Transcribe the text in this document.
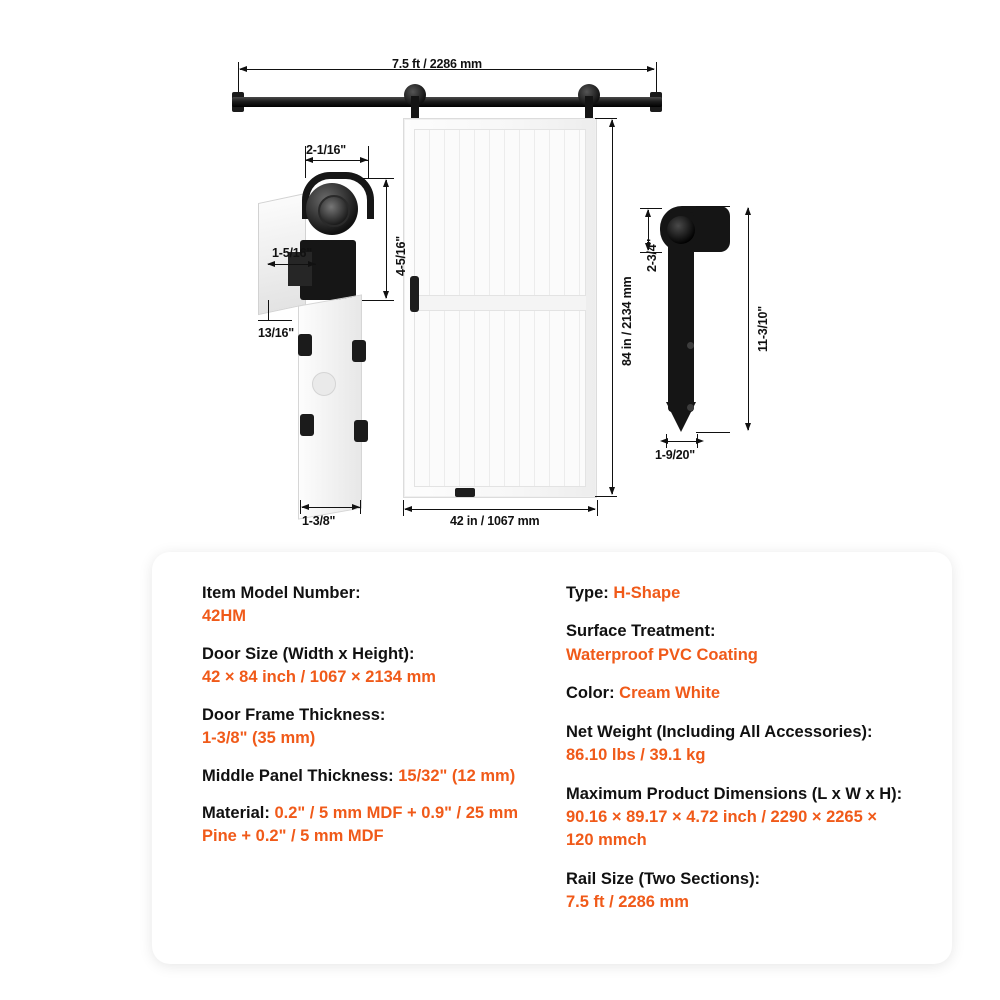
7.5 ft / 2286 mm
2-1/16"
4-5/16"
1-5/16"
13/16"
1-3/8"	42 in / 1067 mm
84 in / 2134 mm
2-3/4"
11-3/10"
1-9/20"
Item Model Number:
42HM
Door Size (Width x Height):
42 × 84 inch / 1067 × 2134 mm
Door Frame Thickness:
1-3/8" (35 mm)
Middle Panel Thickness: 15/32" (12 mm)
Material: 0.2" / 5 mm MDF + 0.9" / 25 mm Pine + 0.2" / 5 mm MDF
Type: H-Shape
Surface Treatment:
Waterproof PVC Coating
Color: Cream White
Net Weight (Including All Accessories):
86.10 lbs / 39.1 kg
Maximum Product Dimensions (L x W x H):
90.16 × 89.17 × 4.72 inch / 2290 × 2265 × 120 mmch
Rail Size (Two Sections):
7.5 ft / 2286 mm
